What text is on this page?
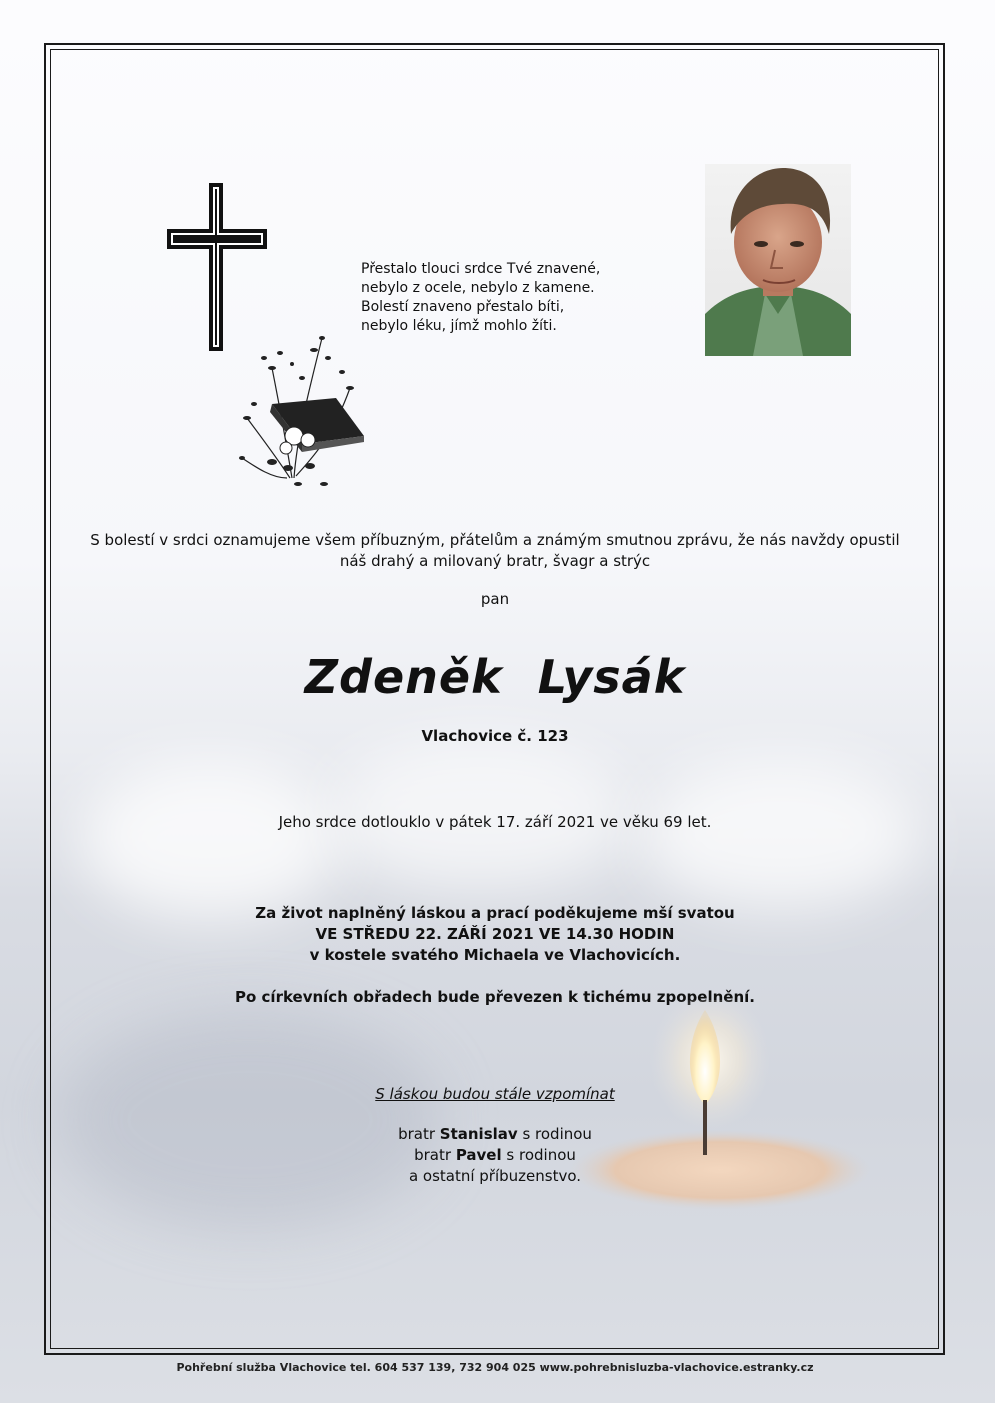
Přestalo tlouci srdce Tvé znavené,
nebylo z ocele, nebylo z kamene.
Bolestí znaveno přestalo bíti,
nebylo léku, jímž mohlo žíti.
S bolestí v srdci oznamujeme všem příbuzným, přátelům a známým smutnou zprávu, že nás navždy opustil
náš drahý a milovaný bratr, švagr a strýc
pan
Zdeněk Lysák
Vlachovice č. 123
Jeho srdce dotlouklo v pátek 17. září 2021 ve věku 69 let.
Za život naplněný láskou a prací poděkujeme mší svatou
VE STŘEDU 22. ZÁŘÍ 2021 VE 14.30 HODIN
v kostele svatého Michaela ve Vlachovicích.
Po církevních obřadech bude převezen k tichému zpopelnění.
S láskou budou stále vzpomínat
bratr Stanislav s rodinou
bratr Pavel s rodinou
a ostatní příbuzenstvo.
Pohřební služba Vlachovice tel. 604 537 139, 732 904 025 www.pohrebnisluzba-vlachovice.estranky.cz
